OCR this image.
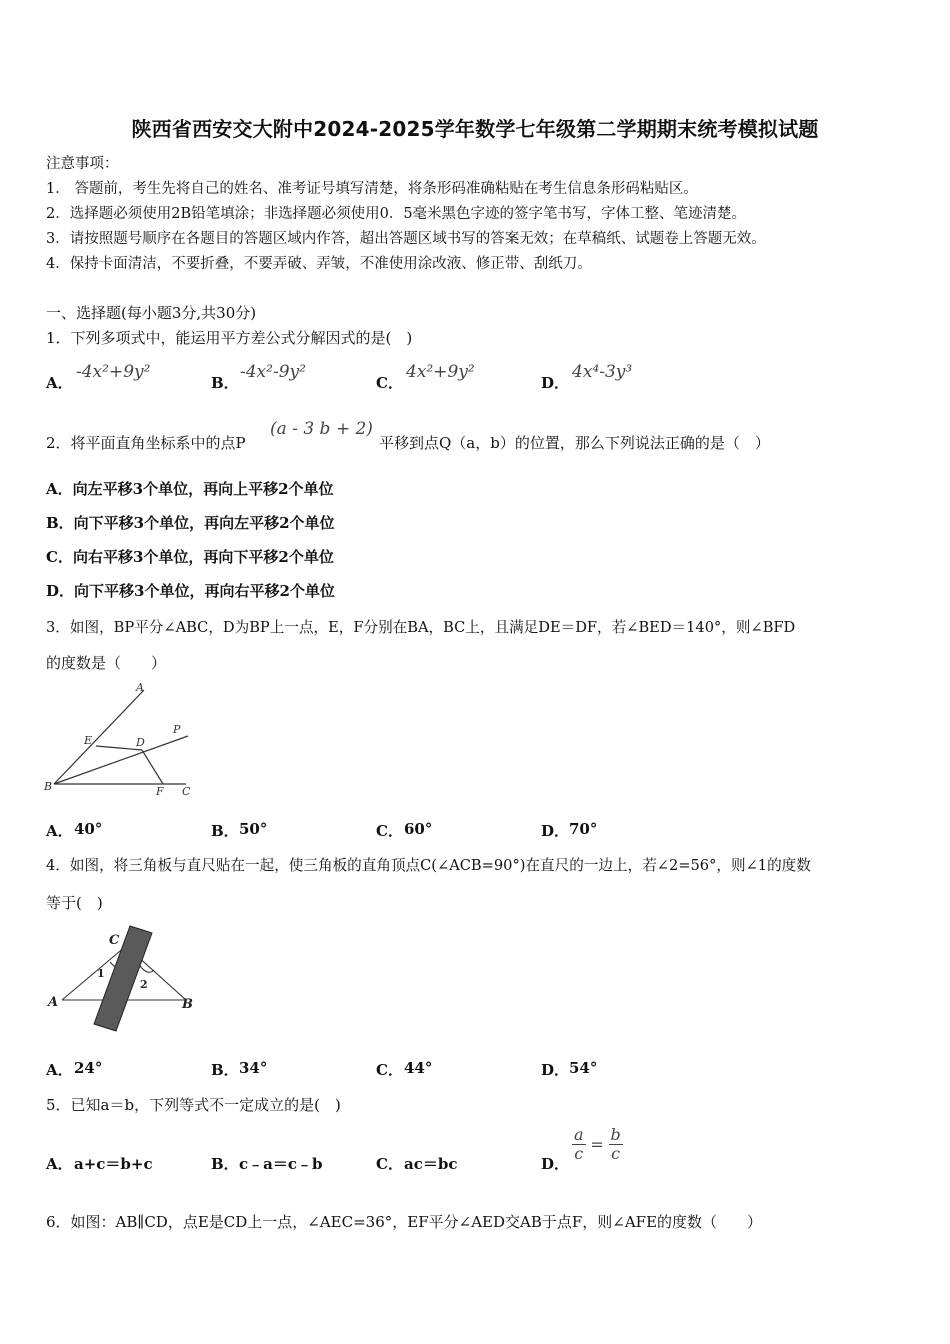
陕西省西安交大附中2024-2025学年数学七年级第二学期期末统考模拟试题
注意事项：
1． 答题前，考生先将自己的姓名、准考证号填写清楚，将条形码准确粘贴在考生信息条形码粘贴区。
2．选择题必须使用2B铅笔填涂；非选择题必须使用0．5毫米黑色字迹的签字笔书写，字体工整、笔迹清楚。
3．请按照题号顺序在各题目的答题区域内作答，超出答题区域书写的答案无效；在草稿纸、试题卷上答题无效。
4．保持卡面清洁，不要折叠，不要弄破、弄皱，不准使用涂改液、修正带、刮纸刀。
一、选择题(每小题3分,共30分)
1．下列多项式中，能运用平方差公式分解因式的是(　)
A．
-4x²+9y²
B．
-4x²-9y²
C．
4x²+9y²
D．
4x⁴-3y³
2．将平面直角坐标系中的点P
(a - 3 b + 2)
平移到点Q（a，b）的位置，那么下列说法正确的是（　）
A．向左平移3个单位，再向上平移2个单位
B．向下平移3个单位，再向左平移2个单位
C．向右平移3个单位，再向下平移2个单位
D．向下平移3个单位，再向右平移2个单位
3．如图，BP平分∠ABC，D为BP上一点，E，F分别在BA，BC上，且满足DE＝DF，若∠BED＝140°，则∠BFD
的度数是（　　）
A
P
E	D
B	F C
A． 40°	B． 50°	C． 60°	D． 70°
4．如图，将三角板与直尺贴在一起，使三角板的直角顶点C(∠ACB=90°)在直尺的一边上，若∠2=56°，则∠1的度数
等于(　)
C
A	B
1
2
A． 24°	B． 34°	C． 44°	D． 54°
5．已知a＝b，下列等式不一定成立的是(　)
A． a+c＝b+c	B． c﹣a＝c﹣b	C． ac＝bc	D．
$\frac{a}{c} = \frac{b}{c}$
6．如图：AB∥CD，点E是CD上一点，∠AEC=36°，EF平分∠AED交AB于点F，则∠AFE的度数（　　）
